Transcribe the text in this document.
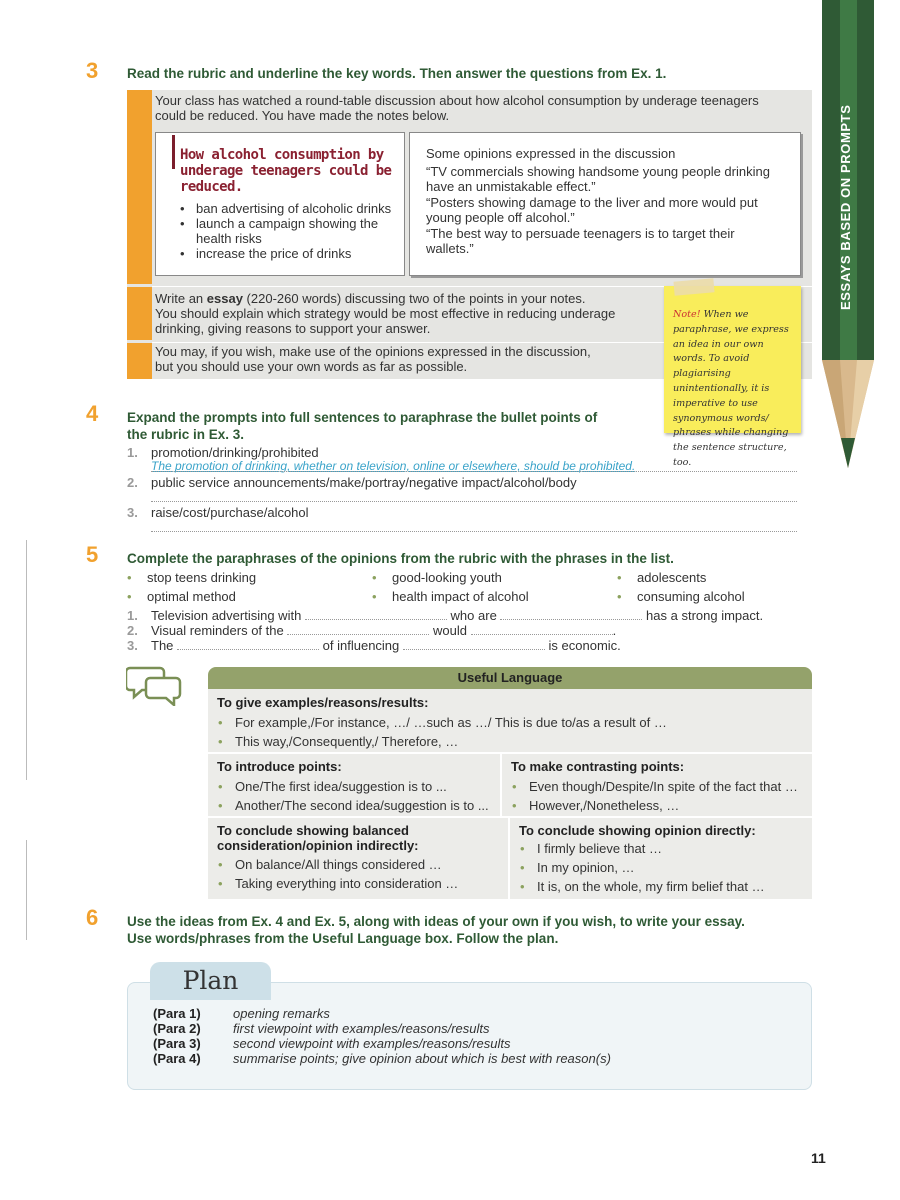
ESSAYS BASED ON PROMPTS
3 Read the rubric and underline the key words. Then answer the questions from Ex. 1.
Your class has watched a round-table discussion about how alcohol consumption by underage teenagers
could be reduced. You have made the notes below.
How alcohol consumption by underage teenagers could be reduced.
• ban advertising of alcoholic drinks
• launch a campaign showing the health risks
• increase the price of drinks

Some opinions expressed in the discussion

“TV commercials showing handsome young people drinking have an unmistakable effect.”

“Posters showing damage to the liver and more would put young people off alcohol.”

“The best way to persuade teenagers is to target their wallets.”

Write an essay (220-260 words) discussing two of the points in your notes.
You should explain which strategy would be most effective in reducing underage
drinking, giving reasons to support your answer.
You may, if you wish, make use of the opinions expressed in the discussion,
but you should use your own words as far as possible.
Note! When we paraphrase, we express an idea in our own words. To avoid plagiarising unintentionally, it is imperative to use synonymous words/ phrases while changing the sentence structure, too.
4 Expand the prompts into full sentences to paraphrase the bullet points of
the rubric in Ex. 3.
1. promotion/drinking/prohibited
The promotion of drinking, whether on television, online or elsewhere, should be prohibited.
2. public service announcements/make/portray/negative impact/alcohol/body
3. raise/cost/purchase/alcohol
5 Complete the paraphrases of the opinions from the rubric with the phrases in the list.
• stop teens drinking	• good-looking youth	• adolescents
• optimal method	• health impact of alcohol	• consuming alcohol
1. Television advertising with	who are	has a strong impact.
2. Visual reminders of the	would	.
3. The	of influencing	is economic.
Useful Language
To give examples/reasons/results:
• For example,/For instance, …/ …such as …/ This is due to/as a result of …
• This way,/Consequently,/ Therefore, …
To introduce points:
• One/The first idea/suggestion is to ...
• Another/The second idea/suggestion is to ...
To make contrasting points:
• Even though/Despite/In spite of the fact that …
• However,/Nonetheless, …
To conclude showing balanced
consideration/opinion indirectly:
• On balance/All things considered …
• Taking everything into consideration …
To conclude showing opinion directly:
• I firmly believe that …
• In my opinion, …
• It is, on the whole, my firm belief that …
6 Use the ideas from Ex. 4 and Ex. 5, along with ideas of your own if you wish, to write your essay.
Use words/phrases from the Useful Language box. Follow the plan.
Plan
(Para 1)	opening remarks
(Para 2)	first viewpoint with examples/reasons/results
(Para 3)	second viewpoint with examples/reasons/results
(Para 4)	summarise points; give opinion about which is best with reason(s)
11
